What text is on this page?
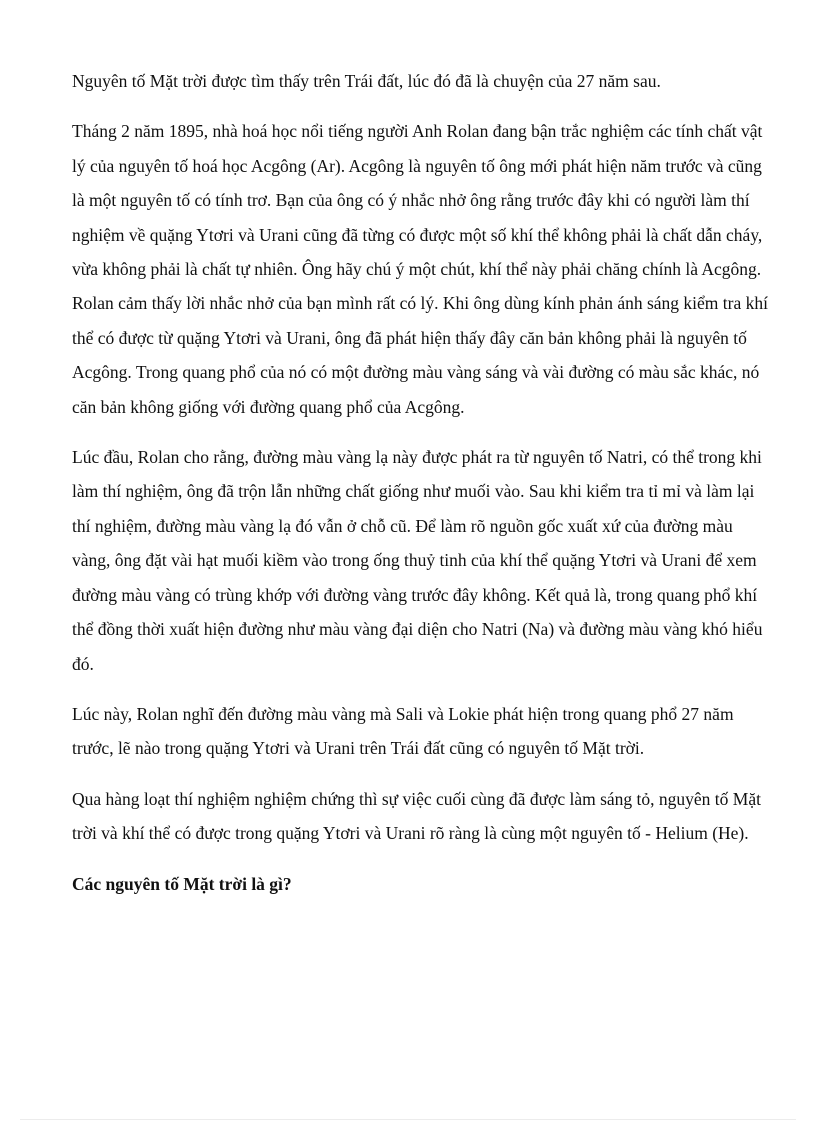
Nguyên tố Mặt trời được tìm thấy trên Trái đất, lúc đó đã là chuyện của 27 năm sau.

Tháng 2 năm 1895, nhà hoá học nổi tiếng người Anh Rolan đang bận trắc nghiệm các tính chất vật lý của nguyên tố hoá học Acgông (Ar). Acgông là nguyên tố ông mới phát hiện năm trước và cũng là một nguyên tố có tính trơ. Bạn của ông có ý nhắc nhở ông rằng trước đây khi có người làm thí nghiệm về quặng Ytơri và Urani cũng đã từng có được một số khí thể không phải là chất dẫn cháy, vừa không phải là chất tự nhiên. Ông hãy chú ý một chút, khí thể này phải chăng chính là Acgông. Rolan cảm thấy lời nhắc nhở của bạn mình rất có lý. Khi ông dùng kính phản ánh sáng kiểm tra khí thể có được từ quặng Ytơri và Urani, ông đã phát hiện thấy đây căn bản không phải là nguyên tố Acgông. Trong quang phổ của nó có một đường màu vàng sáng và vài đường có màu sắc khác, nó căn bản không giống với đường quang phổ của Acgông.

Lúc đầu, Rolan cho rằng, đường màu vàng lạ này được phát ra từ nguyên tố Natri, có thể trong khi làm thí nghiệm, ông đã trộn lẫn những chất giống như muối vào. Sau khi kiểm tra tỉ mỉ và làm lại thí nghiệm, đường màu vàng lạ đó vẫn ở chỗ cũ. Để làm rõ nguồn gốc xuất xứ của đường màu vàng, ông đặt vài hạt muối kiềm vào trong ống thuỷ tinh của khí thể quặng Ytơri và Urani để xem đường màu vàng có trùng khớp với đường vàng trước đây không. Kết quả là, trong quang phổ khí thể đồng thời xuất hiện đường như màu vàng đại diện cho Natri (Na) và đường màu vàng khó hiểu đó.

Lúc này, Rolan nghĩ đến đường màu vàng mà Sali và Lokie phát hiện trong quang phổ 27 năm trước, lẽ nào trong quặng Ytơri và Urani trên Trái đất cũng có nguyên tố Mặt trời.

Qua hàng loạt thí nghiệm nghiệm chứng thì sự việc cuối cùng đã được làm sáng tỏ, nguyên tố Mặt trời và khí thể có được trong quặng Ytơri và Urani rõ ràng là cùng một nguyên tố - Helium (He).

Các nguyên tố Mặt trời là gì?
